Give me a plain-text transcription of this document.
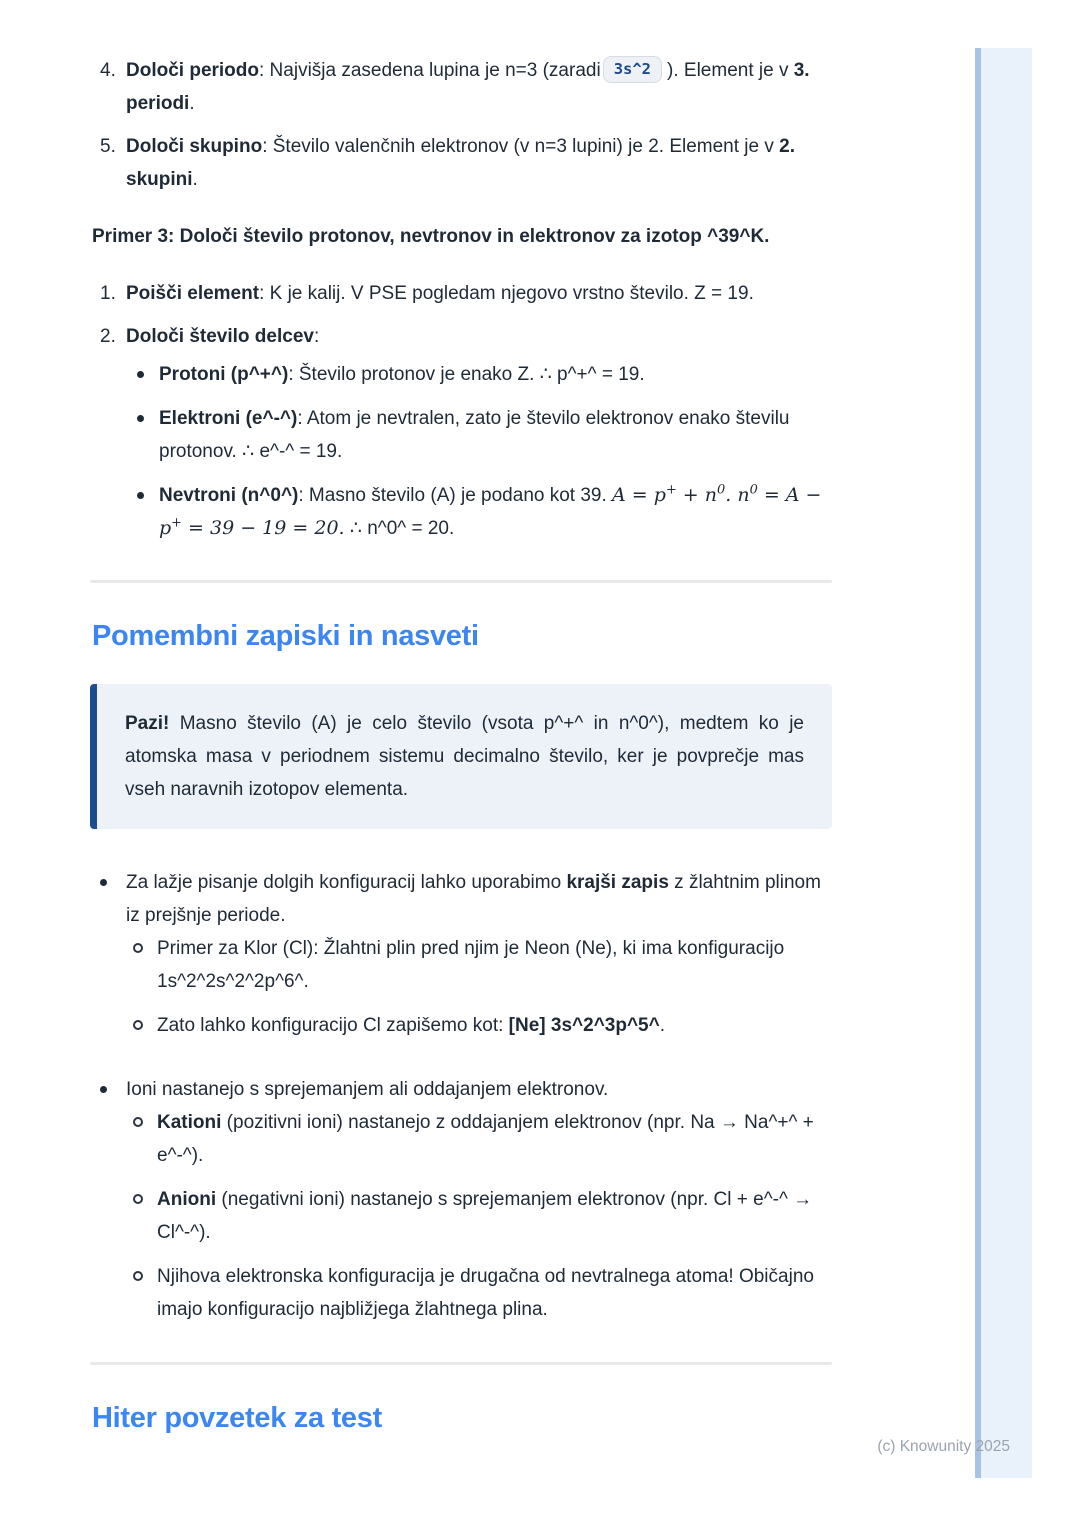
4. Določi periodo: Najvišja zasedena lupina je n=3 (zaradi 3s^2 ). Element je v 3. periodi.

5. Določi skupino: Število valenčnih elektronov (v n=3 lupini) je 2. Element je v 2. skupini.

Primer 3: Določi število protonov, nevtronov in elektronov za izotop ^39^K.

1. Poišči element: K je kalij. V PSE pogledam njegovo vrstno število. Z = 19.

2. Določi število delcev:

Protoni (p^+^): Število protonov je enako Z. ∴ p^+^ = 19.

Elektroni (e^-^): Atom je nevtralen, zato je število elektronov enako številu protonov. ∴ e^-^ = 19.

Nevtroni (n^0^): Masno število (A) je podano kot 39. $A = p^+ + n^0$. $n^0 = A - p^+ = 39 - 19 = 20$. ∴ n^0^ = 20.

Pomembni zapiski in nasveti

Pazi! Masno število (A) je celo število (vsota p^+^ in n^0^), medtem ko je atomska masa v periodnem sistemu decimalno število, ker je povprečje mas vseh naravnih izotopov elementa.

Za lažje pisanje dolgih konfiguracij lahko uporabimo krajši zapis z žlahtnim plinom iz prejšnje periode.

Primer za Klor (Cl): Žlahtni plin pred njim je Neon (Ne), ki ima konfiguracijo 1s^2^2s^2^2p^6^.

Zato lahko konfiguracijo Cl zapišemo kot: [Ne] 3s^2^3p^5^.

Ioni nastanejo s sprejemanjem ali oddajanjem elektronov.

Kationi (pozitivni ioni) nastanejo z oddajanjem elektronov (npr. Na → Na^+^ + e^-^).

Anioni (negativni ioni) nastanejo s sprejemanjem elektronov (npr. Cl + e^-^ → Cl^-^).

Njihova elektronska konfiguracija je drugačna od nevtralnega atoma! Običajno imajo konfiguracijo najbližjega žlahtnega plina.

Hiter povzetek za test
(c) Knowunity 2025
